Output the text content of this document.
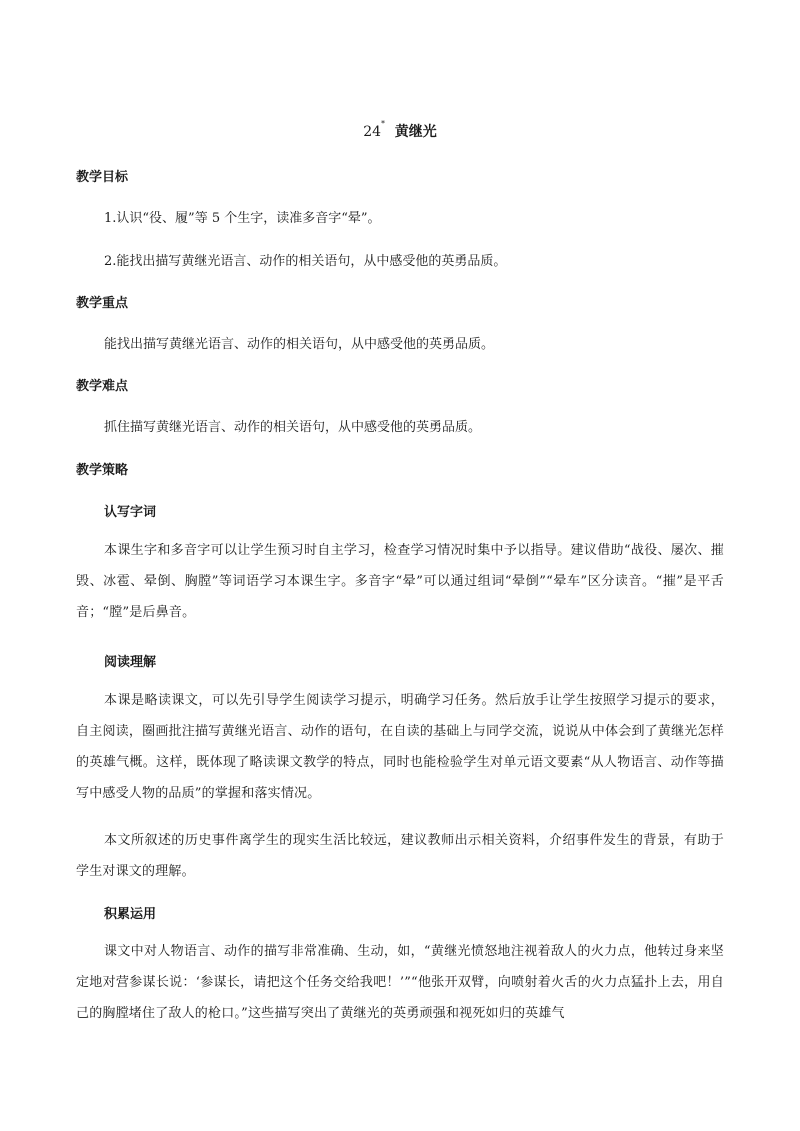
24*  黄继光
教学目标

1.认识“役、履”等 5 个生字，读准多音字“晕”。

2.能找出描写黄继光语言、动作的相关语句，从中感受他的英勇品质。

教学重点

能找出描写黄继光语言、动作的相关语句，从中感受他的英勇品质。

教学难点

抓住描写黄继光语言、动作的相关语句，从中感受他的英勇品质。

教学策略
认写字词

本课生字和多音字可以让学生预习时自主学习，检查学习情况时集中予以指导。建议借助“战役、屡次、摧毁、冰雹、晕倒、胸膛”等词语学习本课生字。多音字“晕”可以通过组词“晕倒”“晕车”区分读音。“摧”是平舌音；“膛”是后鼻音。

阅读理解

本课是略读课文，可以先引导学生阅读学习提示，明确学习任务。然后放手让学生按照学习提示的要求，自主阅读，圈画批注描写黄继光语言、动作的语句，在自读的基础上与同学交流，说说从中体会到了黄继光怎样的英雄气概。这样，既体现了略读课文教学的特点，同时也能检验学生对单元语文要素“从人物语言、动作等描写中感受人物的品质”的掌握和落实情况。

本文所叙述的历史事件离学生的现实生活比较远，建议教师出示相关资料，介绍事件发生的背景，有助于学生对课文的理解。

积累运用

课文中对人物语言、动作的描写非常准确、生动，如，“黄继光愤怒地注视着敌人的火力点，他转过身来坚定地对营参谋长说：‘参谋长，请把这个任务交给我吧！’”“他张开双臂，向喷射着火舌的火力点猛扑上去，用自己的胸膛堵住了敌人的枪口。”这些描写突出了黄继光的英勇顽强和视死如归的英雄气
